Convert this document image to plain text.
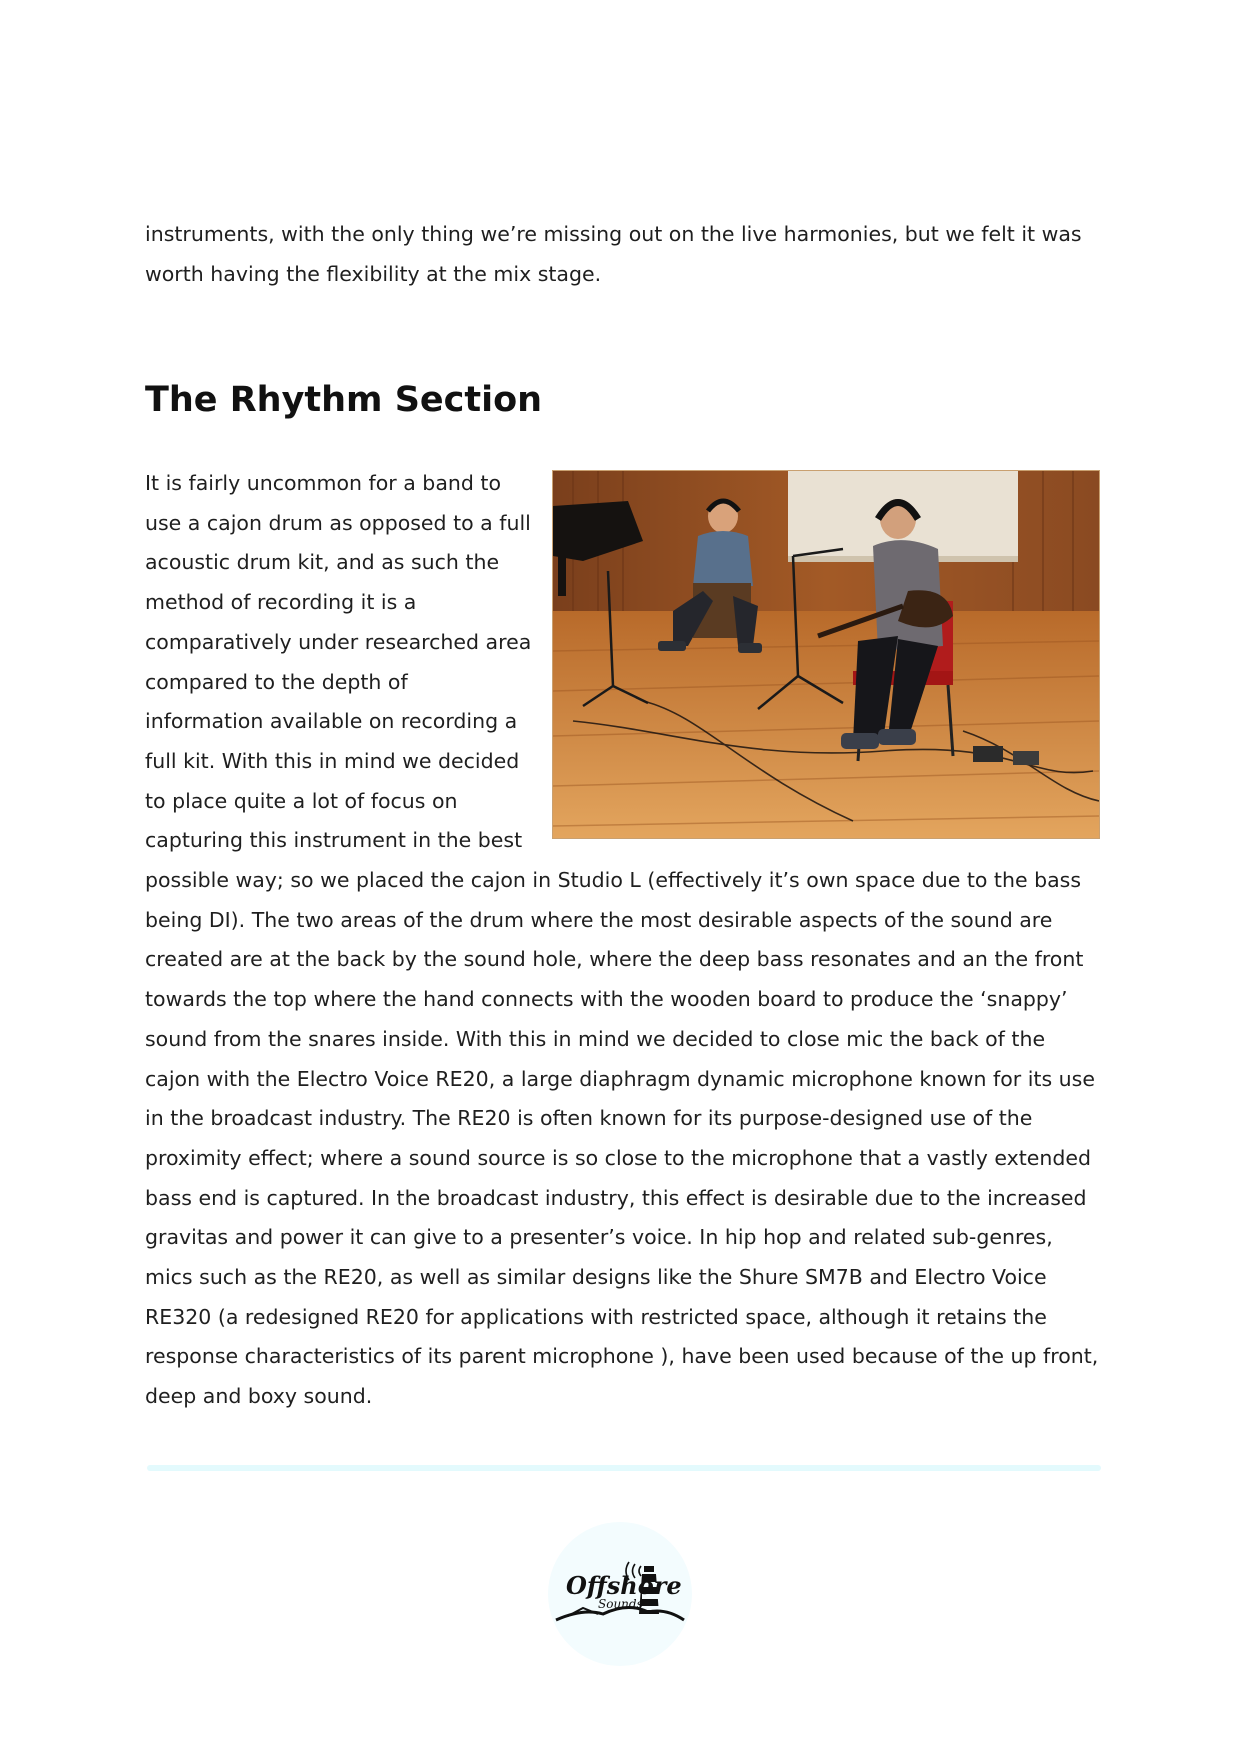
instruments, with the only thing we’re missing out on the live harmonies, but we felt it was worth having the flexibility at the mix stage.

The Rhythm Section
It is fairly uncommon for a band to use a cajon drum as opposed to a full acoustic drum kit, and as such the method of recording it is a comparatively under researched area compared to the depth of information available on recording a full kit. With this in mind we decided to place quite a lot of focus on capturing this instrument in the best possible way; so we placed the cajon in Studio L (effectively it’s own space due to the bass being DI). The two areas of the drum where the most desirable aspects of the sound are created are at the back by the sound hole, where the deep bass resonates and an the front towards the top where the hand connects with the wooden board to produce the ‘snappy’ sound from the snares inside. With this in mind we decided to close mic the back of the cajon with the Electro Voice RE20, a large diaphragm dynamic microphone known for its use in the broadcast industry. The RE20 is often known for its purpose-designed use of the proximity effect; where a sound source is so close to the microphone that a vastly extended bass end is captured. In the broadcast industry, this effect is desirable due to the increased gravitas and power it can give to a presenter’s voice. In hip hop and related sub-genres, mics such as the RE20, as well as similar designs like the Shure SM7B and Electro Voice RE320 (a redesigned RE20 for applications with restricted space, although it retains the response characteristics of its parent microphone ), have been used because of the up front, deep and boxy sound.
Offshore
Sounds
